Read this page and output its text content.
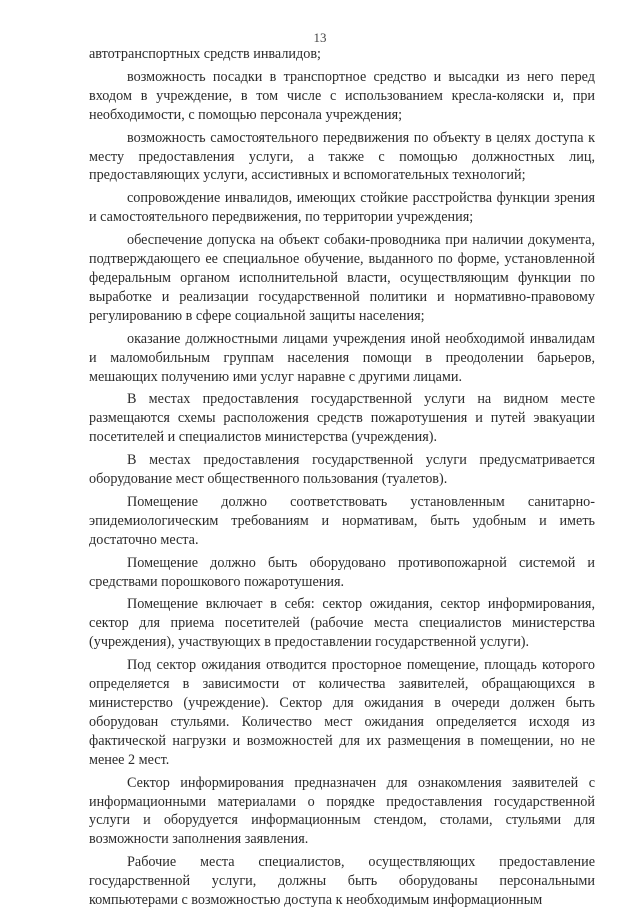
13

автотранспортных средств инвалидов;

возможность посадки в транспортное средство и высадки из него перед входом в учреждение, в том числе с использованием кресла-коляски и, при необходимости, с помощью персонала учреждения;

возможность самостоятельного передвижения по объекту в целях доступа к месту предоставления услуги, а также с помощью должностных лиц, предоставляющих услуги, ассистивных и вспомогательных технологий;

сопровождение инвалидов, имеющих стойкие расстройства функции зрения и самостоятельного передвижения, по территории учреждения;

обеспечение допуска на объект собаки-проводника при наличии документа, подтверждающего ее специальное обучение, выданного по форме, установленной федеральным органом исполнительной власти, осуществляющим функции по выработке и реализации государственной политики и нормативно-правовому регулированию в сфере социальной защиты населения;

оказание должностными лицами учреждения иной необходимой инвалидам и маломобильным группам населения помощи в преодолении барьеров, мешающих получению ими услуг наравне с другими лицами.

В местах предоставления государственной услуги на видном месте размещаются схемы расположения средств пожаротушения и путей эвакуации посетителей и специалистов министерства (учреждения).

В местах предоставления государственной услуги предусматривается оборудование мест общественного пользования (туалетов).

Помещение должно соответствовать установленным санитарно-эпидемиологическим требованиям и нормативам, быть удобным и иметь достаточно места.

Помещение должно быть оборудовано противопожарной системой и средствами порошкового пожаротушения.

Помещение включает в себя: сектор ожидания, сектор информирования, сектор для приема посетителей (рабочие места специалистов министерства (учреждения), участвующих в предоставлении государственной услуги).

Под сектор ожидания отводится просторное помещение, площадь которого определяется в зависимости от количества заявителей, обращающихся в министерство (учреждение). Сектор для ожидания в очереди должен быть оборудован стульями. Количество мест ожидания определяется исходя из фактической нагрузки и возможностей для их размещения в помещении, но не менее 2 мест.

Сектор информирования предназначен для ознакомления заявителей с информационными материалами о порядке предоставления государственной услуги и оборудуется информационным стендом, столами, стульями для возможности заполнения заявления.

Рабочие места специалистов, осуществляющих предоставление государственной услуги, должны быть оборудованы персональными компьютерами с возможностью доступа к необходимым информационным
